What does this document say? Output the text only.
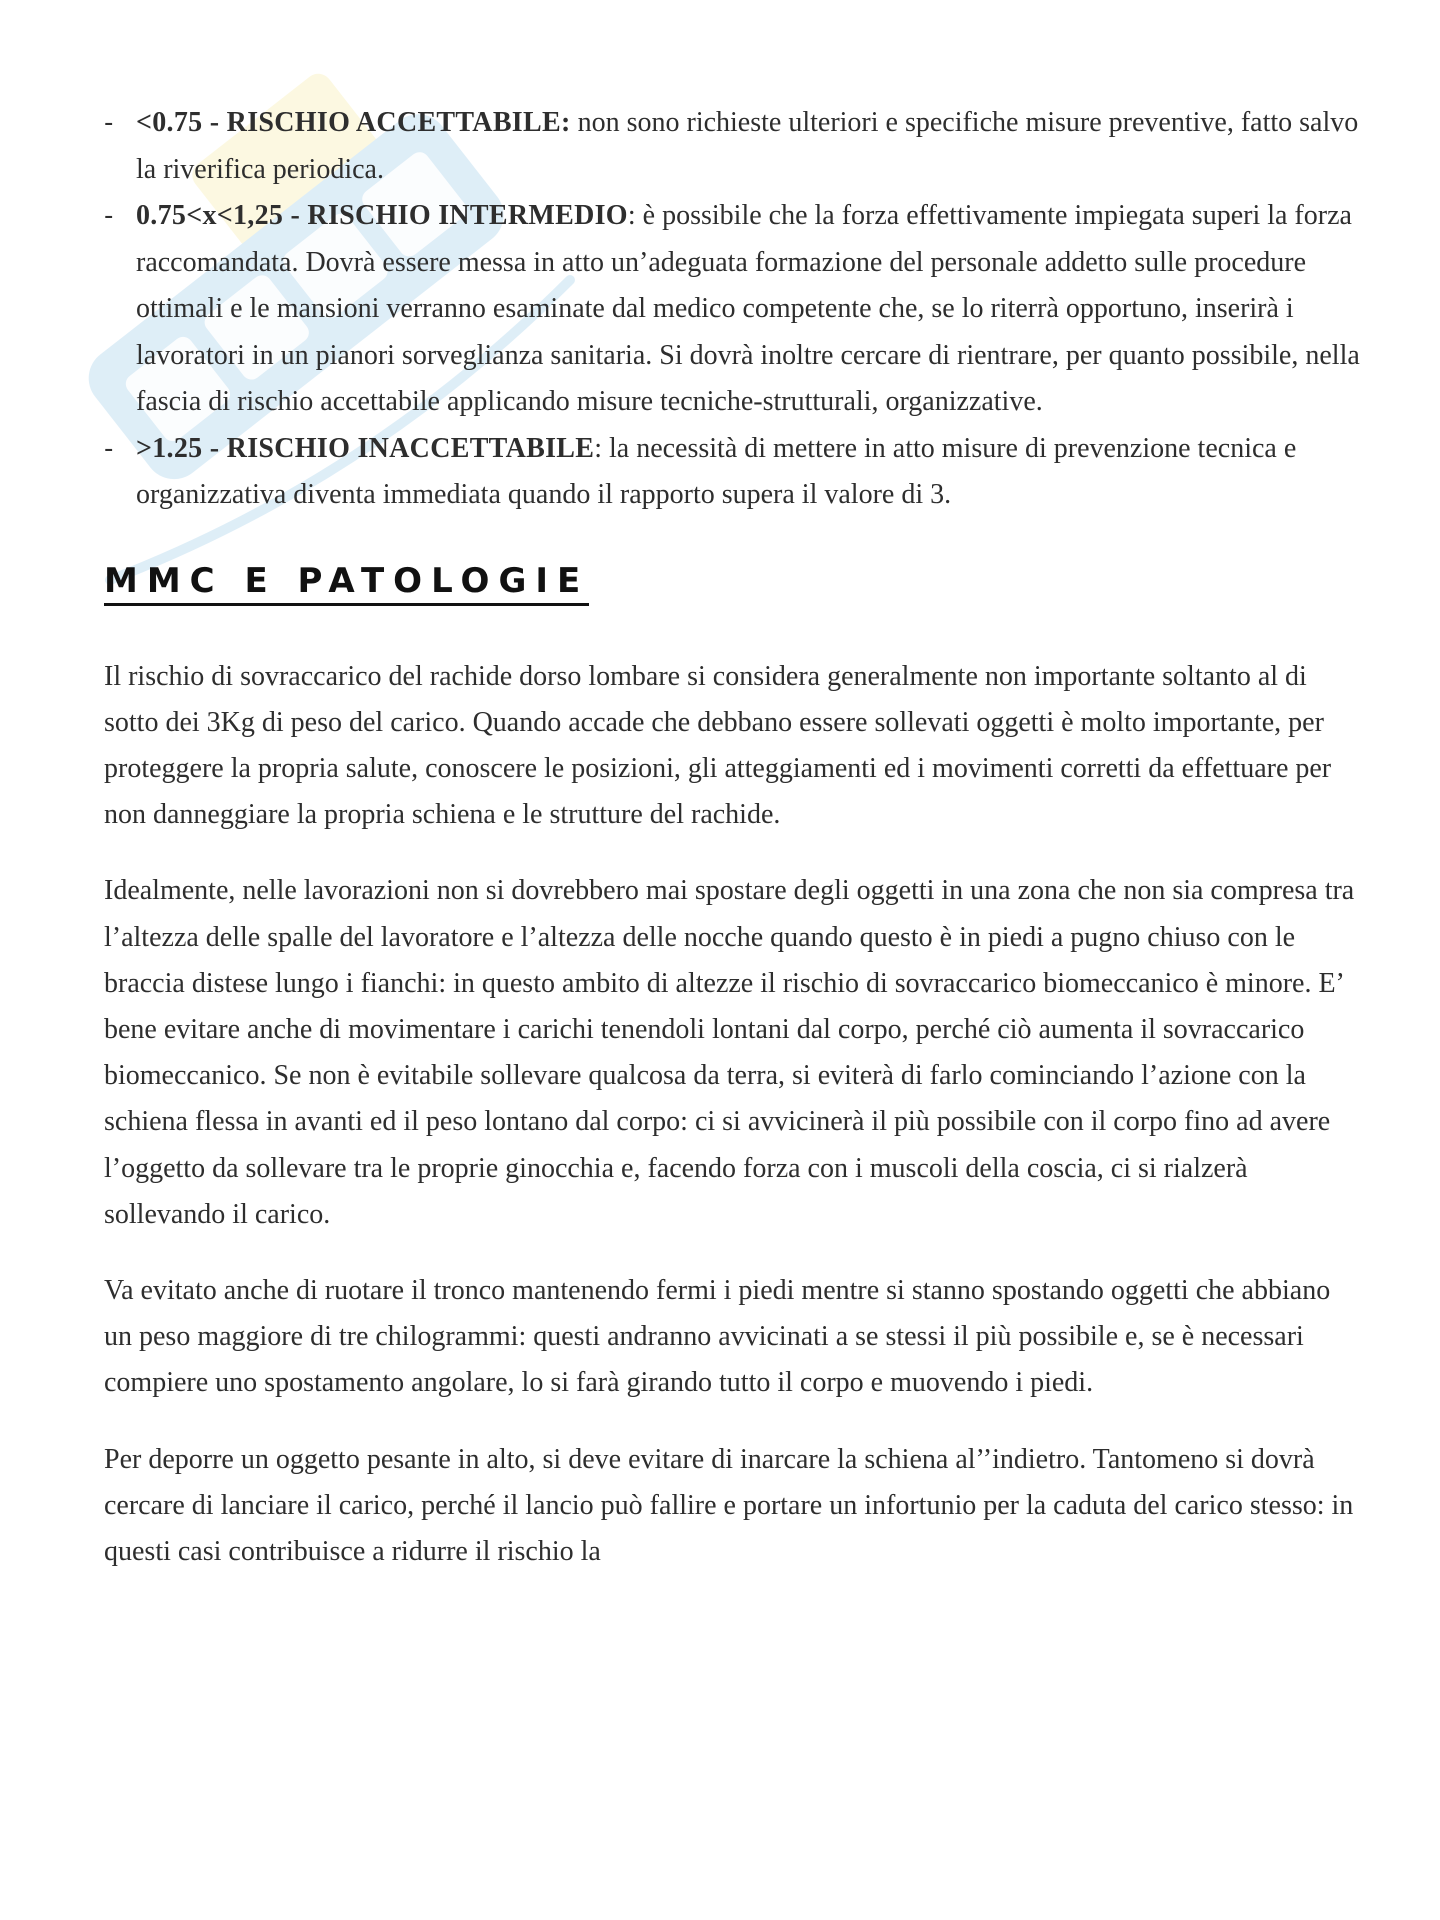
- <0.75 - RISCHIO ACCETTABILE: non sono richieste ulteriori e specifiche misure preventive, fatto salvo la riverifica periodica.
- 0.75<x<1,25 - RISCHIO INTERMEDIO: è possibile che la forza effettivamente impiegata superi la forza raccomandata. Dovrà essere messa in atto un’adeguata formazione del personale addetto sulle procedure ottimali e le mansioni verranno esaminate dal medico competente che, se lo riterrà opportuno, inserirà i lavoratori in un pianori sorveglianza sanitaria. Si dovrà inoltre cercare di rientrare, per quanto possibile, nella fascia di rischio accettabile applicando misure tecniche-strutturali, organizzative.
- >1.25 - RISCHIO INACCETTABILE: la necessità di mettere in atto misure di prevenzione tecnica e organizzativa diventa immediata quando il rapporto supera il valore di 3.
MMC E PATOLOGIE

Il rischio di sovraccarico del rachide dorso lombare si considera generalmente non importante soltanto al di sotto dei 3Kg di peso del carico. Quando accade che debbano essere sollevati oggetti è molto importante, per proteggere la propria salute, conoscere le posizioni, gli atteggiamenti ed i movimenti corretti da effettuare per non danneggiare la propria schiena e le strutture del rachide.

Idealmente, nelle lavorazioni non si dovrebbero mai spostare degli oggetti in una zona che non sia compresa tra l’altezza delle spalle del lavoratore e l’altezza delle nocche quando questo è in piedi a pugno chiuso con le braccia distese lungo i fianchi: in questo ambito di altezze il rischio di sovraccarico biomeccanico è minore. E’ bene evitare anche di movimentare i carichi tenendoli lontani dal corpo, perché ciò aumenta il sovraccarico biomeccanico. Se non è evitabile sollevare qualcosa da terra, si eviterà di farlo cominciando l’azione con la schiena flessa in avanti ed il peso lontano dal corpo: ci si avvicinerà il più possibile con il corpo fino ad avere l’oggetto da sollevare tra le proprie ginocchia e, facendo forza con i muscoli della coscia, ci si rialzerà sollevando il carico.

Va evitato anche di ruotare il tronco mantenendo fermi i piedi mentre si stanno spostando oggetti che abbiano un peso maggiore di tre chilogrammi: questi andranno avvicinati a se stessi il più possibile e, se è necessari compiere uno spostamento angolare, lo si farà girando tutto il corpo e muovendo i piedi.

Per deporre un oggetto pesante in alto, si deve evitare di inarcare la schiena al’’indietro. Tantomeno si dovrà cercare di lanciare il carico, perché il lancio può fallire e portare un infortunio per la caduta del carico stesso: in questi casi contribuisce a ridurre il rischio la
